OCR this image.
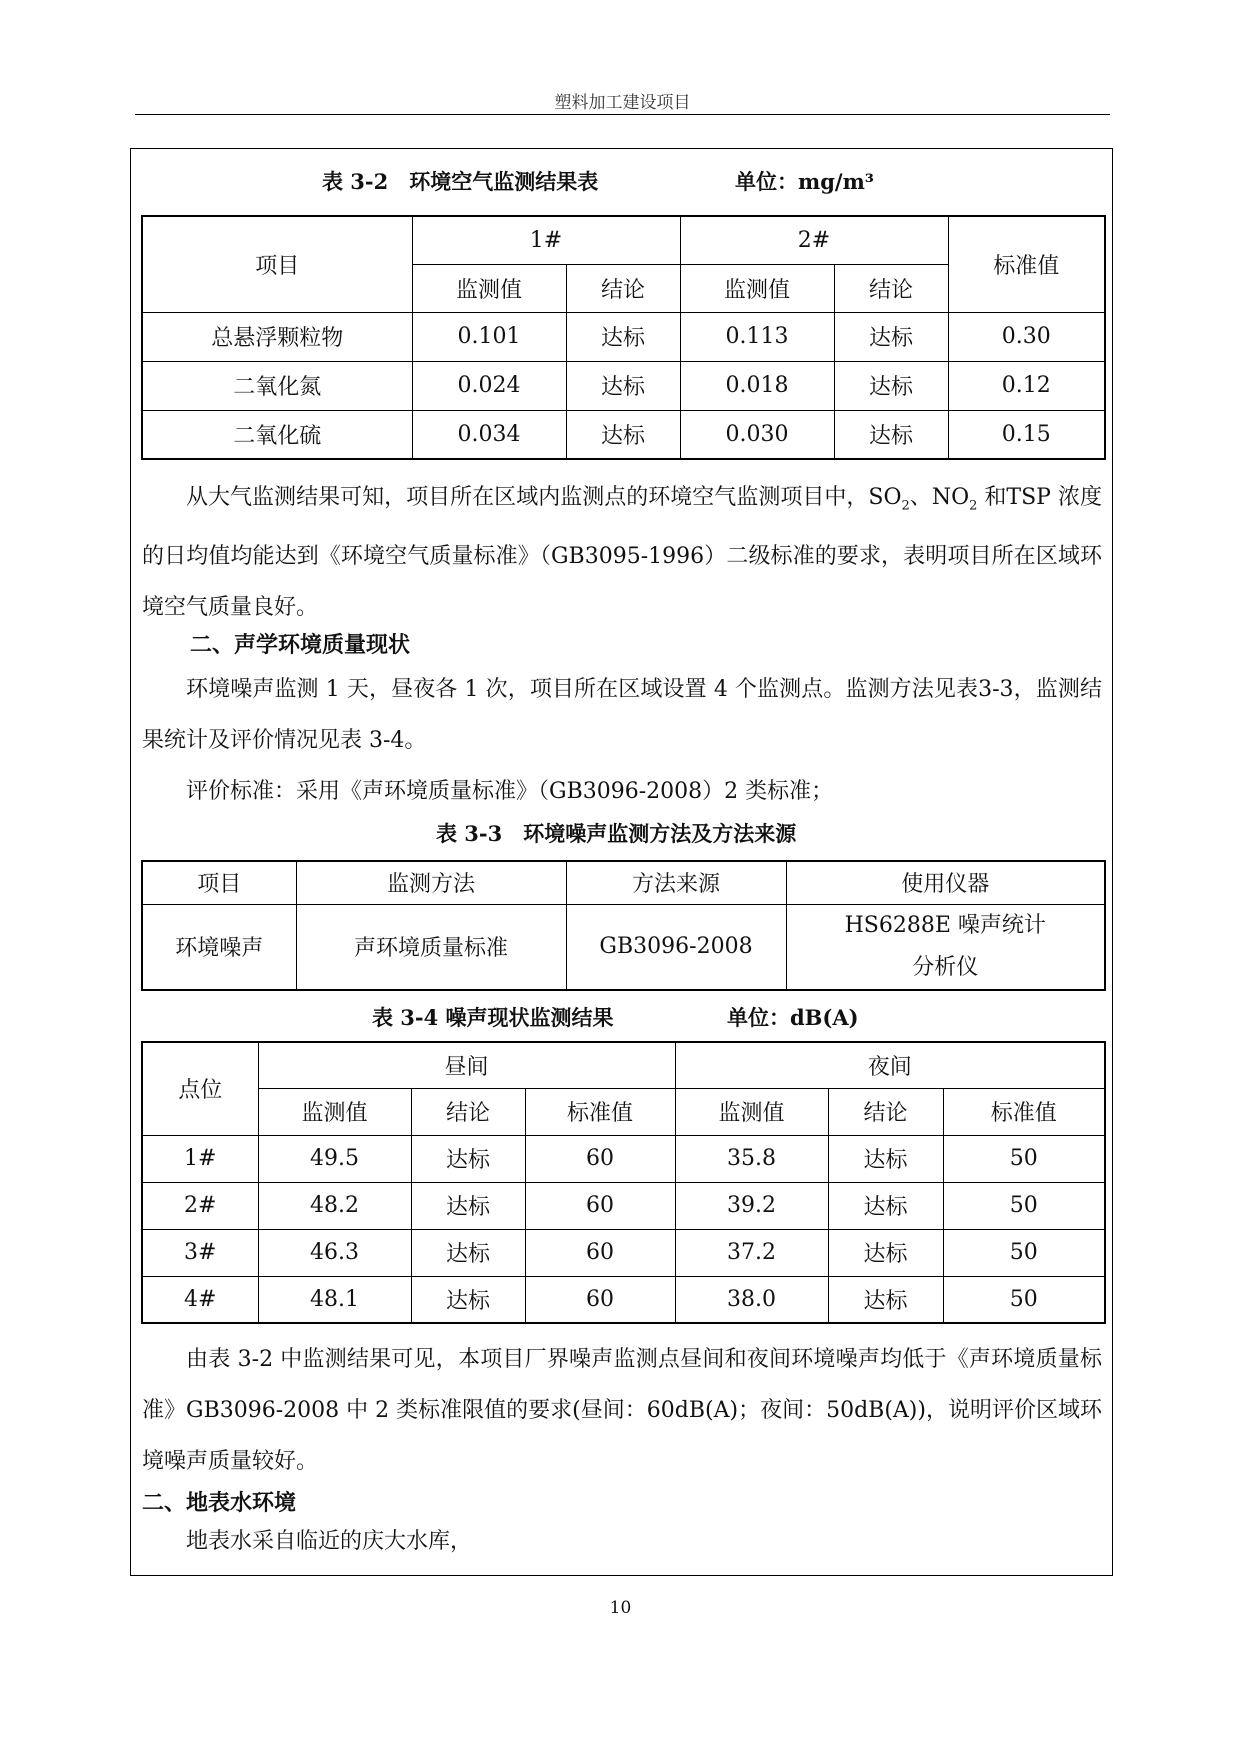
塑料加工建设项目
表 3-2　环境空气监测结果表	单位：mg/m³
项目	1#		2#		标准值
	监测值	结论	监测值	结论	
总悬浮颗粒物	0.101	达标	0.113	达标	0.30
二氧化氮	0.024	达标	0.018	达标	0.12
二氧化硫	0.034	达标	0.030	达标	0.15

从大气监测结果可知，项目所在区域内监测点的环境空气监测项目中，$SO_2$、$NO_2$ 和TSP 浓度的日均值均能达到《环境空气质量标准》（GB3095-1996）二级标准的要求，表明项目所在区域环境空气质量良好。

二、声学环境质量现状

环境噪声监测 1 天，昼夜各 1 次，项目所在区域设置 4 个监测点。监测方法见表3-3，监测结果统计及评价情况见表 3-4。

评价标准：采用《声环境质量标准》（GB3096-2008）2 类标准；

表 3-3　环境噪声监测方法及方法来源
项目	监测方法	方法来源	使用仪器
环境噪声	声环境质量标准	GB3096-2008	HS6288E 噪声统计
分析仪
表 3-4 噪声现状监测结果	单位：dB(A)
点位	昼间			夜间		
	监测值	结论	标准值	监测值	结论	标准值
1#	49.5	达标	60	35.8	达标	50
2#	48.2	达标	60	39.2	达标	50
3#	46.3	达标	60	37.2	达标	50
4#	48.1	达标	60	38.0	达标	50

由表 3-2 中监测结果可见，本项目厂界噪声监测点昼间和夜间环境噪声均低于《声环境质量标准》GB3096-2008 中 2 类标准限值的要求(昼间：60dB(A)；夜间：50dB(A))，说明评价区域环境噪声质量较好。

二、地表水环境

地表水采自临近的庆大水库，

10
